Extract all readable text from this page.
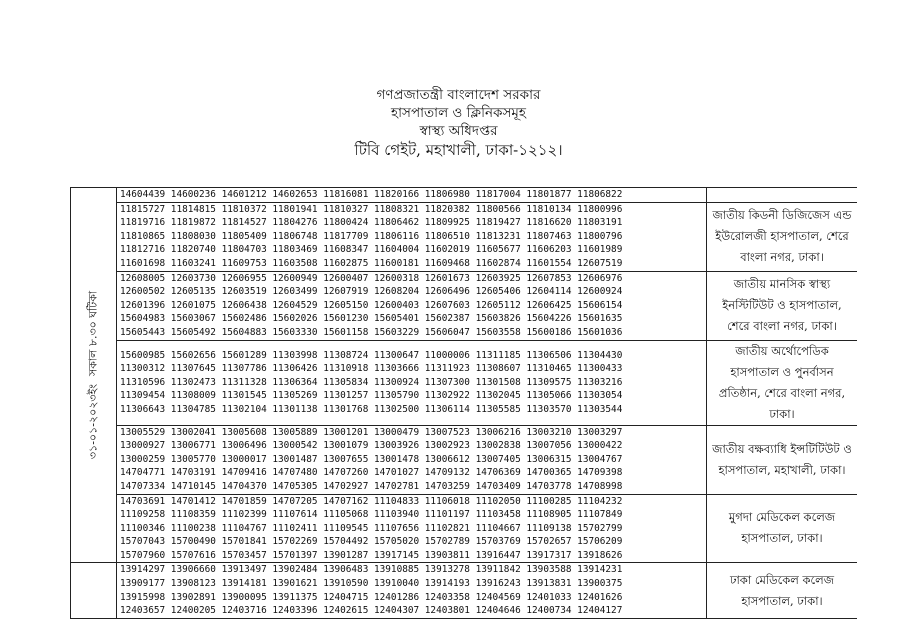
গণপ্রজাতন্ত্রী বাংলাদেশ সরকার
হাসপাতাল ও ক্লিনিকসমূহ
স্বাস্থ্য অধিদপ্তর
টিবি গেইট, মহাখালী, ঢাকা-১২১২।
৩১-০১-২০২৩ইংসকাল ৮.৩০ ঘটিকা	14604439 14600236 14601212 14602653 11816081 11820166 11806980 11817004 11801877 11806822	

	11815727 11814815 11810372 11801941 11810327 11808321 11820382 11800566 11810134 11800996
11819716 11819872 11814527 11804276 11800424 11806462 11809925 11819427 11816620 11803191
11810865 11808030 11805409 11806748 11817709 11806116 11806510 11813231 11807463 11800796
11812716 11820740 11804703 11803469 11608347 11604004 11602019 11605677 11606203 11601989
11601698 11603241 11609753 11603508 11602875 11600181 11609468 11602874 11601554 12607519	জাতীয় কিডনী ডিজিজেস এন্ড ইউরোলজী হাসপাতাল, শেরে বাংলা নগর, ঢাকা।

	12608005 12603730 12606955 12600949 12600407 12600318 12601673 12603925 12607853 12606976
12600502 12605135 12603519 12603499 12607919 12608204 12606496 12605406 12604114 12600924
12601396 12601075 12606438 12604529 12605150 12600403 12607603 12605112 12606425 15606154
15604983 15603067 15602486 15602026 15601230 15605401 15602387 15603826 15604226 15601635
15605443 15605492 15604883 15603330 15601158 15603229 15606047 15603558 15600186 15601036	জাতীয় মানসিক স্বাস্থ্য ইনস্টিটিউট ও হাসপাতাল, শেরে বাংলা নগর, ঢাকা।

	15600985 15602656 15601289 11303998 11308724 11300647 11000006 11311185 11306506 11304430
11300312 11307645 11307786 11306426 11310918 11303666 11311923 11308607 11310465 11300433
11310596 11302473 11311328 11306364 11305834 11300924 11307300 11301508 11309575 11303216
11309454 11308009 11301545 11305269 11301257 11305790 11302922 11302045 11305066 11303054
11306643 11304785 11302104 11301138 11301768 11302500 11306114 11305585 11303570 11303544	জাতীয় অর্থোপেডিক হাসপাতাল ও পুনর্বাসন প্রতিষ্ঠান, শেরে বাংলা নগর, ঢাকা।

	13005529 13002041 13005608 13005889 13001201 13000479 13007523 13006216 13003210 13003297
13000927 13006771 13006496 13000542 13001079 13003926 13002923 13002838 13007056 13000422
13000259 13005770 13000017 13001487 13007655 13001478 13006612 13007405 13006315 13004767
14704771 14703191 14709416 14707480 14707260 14701027 14709132 14706369 14700365 14709398
14707334 14710145 14704370 14705305 14702927 14702781 14703259 14703409 14703778 14708998	জাতীয় বক্ষব্যাধি ইন্সটিটিউট ও হাসপাতাল, মহাখালী, ঢাকা।

	14703691 14701412 14701859 14707205 14707162 11104833 11106018 11102050 11100285 11104232
11109258 11108359 11102399 11107614 11105068 11103940 11101197 11103458 11108905 11107849
11100346 11100238 11104767 11102411 11109545 11107656 11102821 11104667 11109138 15702799
15707043 15700490 15701841 15702269 15704492 15705020 15702789 15703769 15702657 15706209
15707960 15707616 15703457 15701397 13901287 13917145 13903811 13916447 13917317 13918626	মুগদা মেডিকেল কলেজ হাসপাতাল, ঢাকা।

	13914297 13906660 13913497 13902484 13906483 13910885 13913278 13911842 13903588 13914231
13909177 13908123 13914181 13901621 13910590 13910040 13914193 13916243 13913831 13900375
13915998 13902891 13900095 13911375 12404715 12401286 12403358 12404569 12401033 12401626
12403657 12400205 12403716 12403396 12402615 12404307 12403801 12404646 12400734 12404127	ঢাকা মেডিকেল কলেজ হাসপাতাল, ঢাকা।
